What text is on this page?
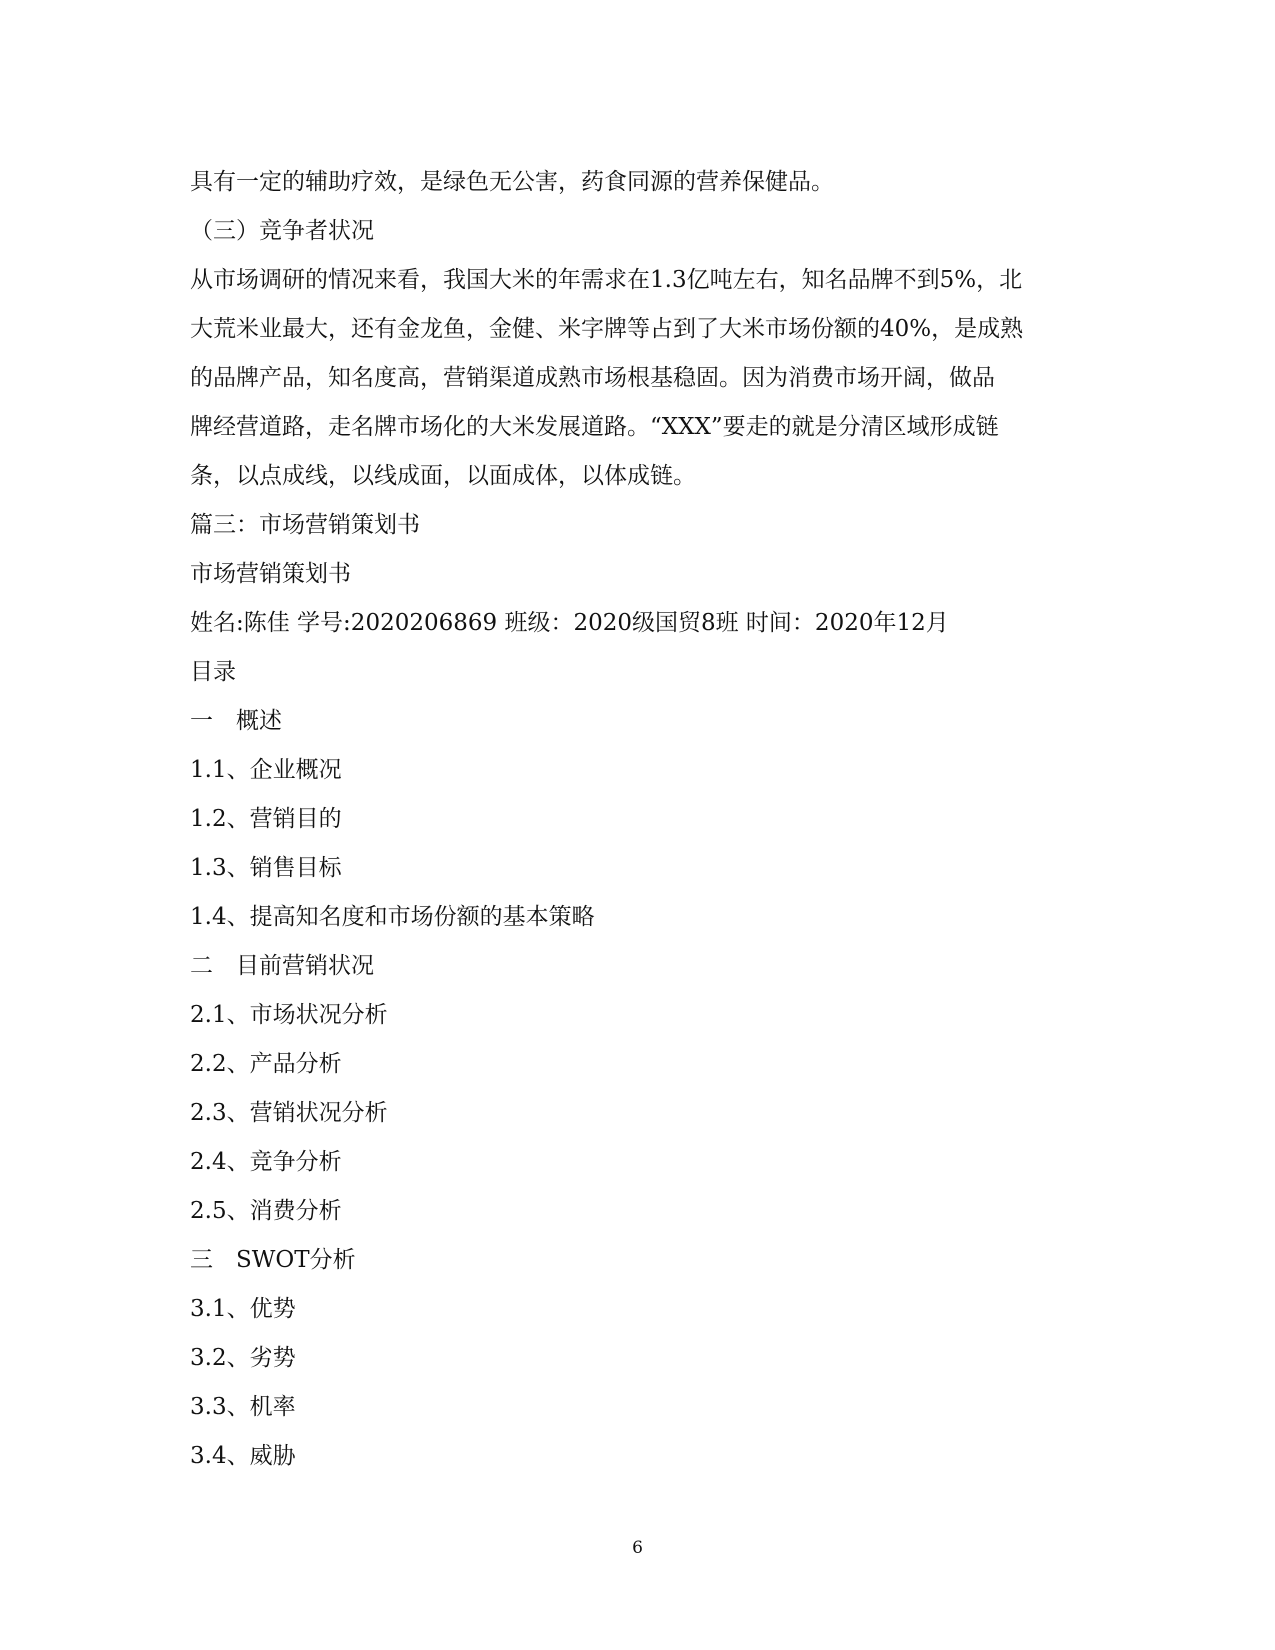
具有一定的辅助疗效，是绿色无公害，药食同源的营养保健品。
（三）竞争者状况
从市场调研的情况来看，我国大米的年需求在1.3亿吨左右，知名品牌不到5%，北
大荒米业最大，还有金龙鱼，金健、米字牌等占到了大米市场份额的40%，是成熟
的品牌产品，知名度高，营销渠道成熟市场根基稳固。因为消费市场开阔，做品
牌经营道路，走名牌市场化的大米发展道路。“XXX”要走的就是分清区域形成链
条，以点成线，以线成面，以面成体，以体成链。
篇三：市场营销策划书
市场营销策划书
姓名:陈佳 学号:2020206869 班级：2020级国贸8班 时间：2020年12月
目录
一　概述
1.1、企业概况
1.2、营销目的
1.3、销售目标
1.4、提高知名度和市场份额的基本策略
二　目前营销状况
2.1、市场状况分析
2.2、产品分析
2.3、营销状况分析
2.4、竞争分析
2.5、消费分析
三　SWOT分析
3.1、优势
3.2、劣势
3.3、机率
3.4、威胁
6
